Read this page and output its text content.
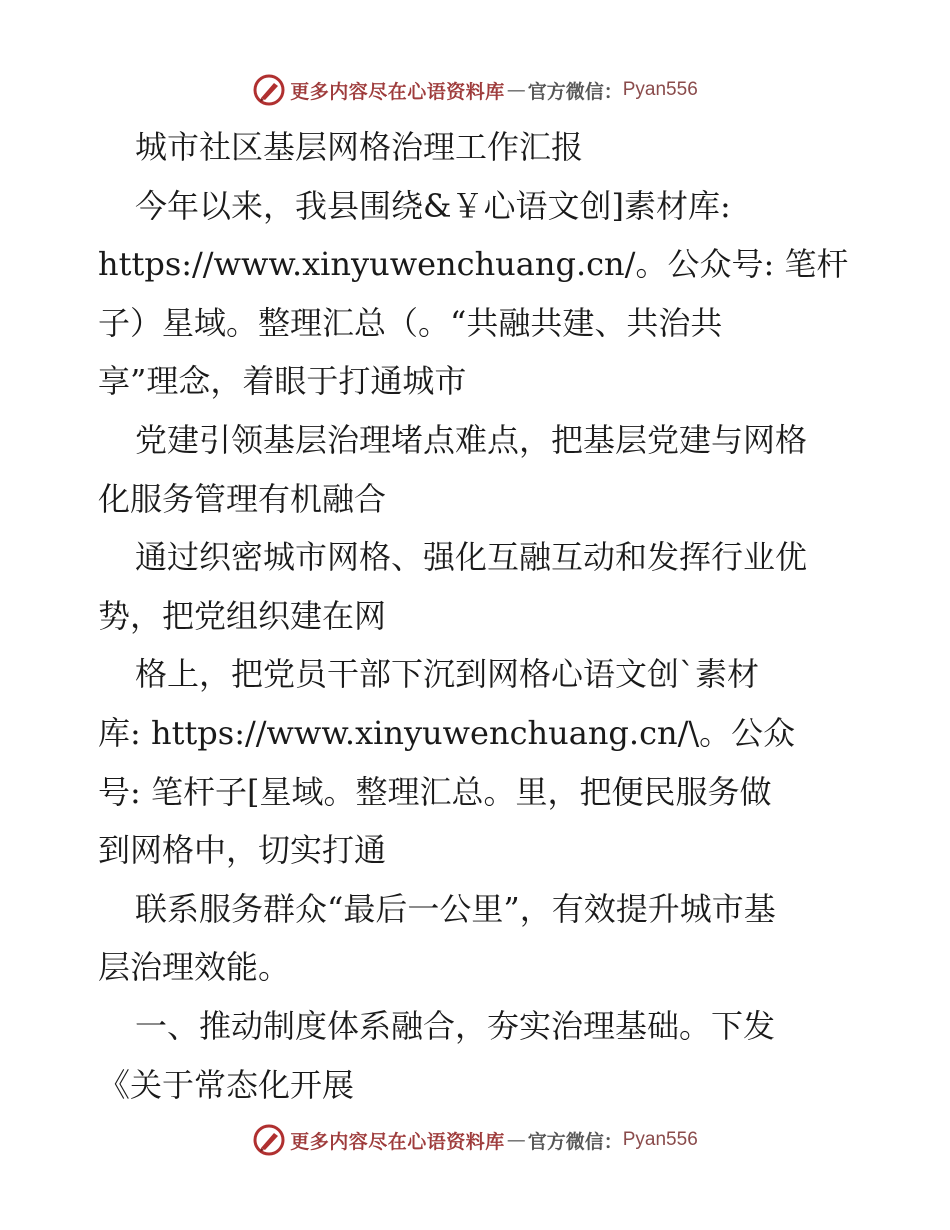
更多内容尽在心语资料库 — 官方微信： Pyan556
城市社区基层网格治理工作汇报
今年以来，我县围绕&￥心语文创]素材库:
https://www.xinyuwenchuang.cn/。公众号: 笔杆
子）星域。整理汇总（。“共融共建、共治共
享”理念，着眼于打通城市
党建引领基层治理堵点难点，把基层党建与网格
化服务管理有机融合
通过织密城市网格、强化互融互动和发挥行业优
势，把党组织建在网
格上，把党员干部下沉到网格心语文创`素材
库: https://www.xinyuwenchuang.cn/\。公众
号: 笔杆子[星域。整理汇总。里，把便民服务做
到网格中，切实打通
联系服务群众“最后一公里”，有效提升城市基
层治理效能。
一、推动制度体系融合，夯实治理基础。下发
《关于常态化开展
更多内容尽在心语资料库 — 官方微信： Pyan556
